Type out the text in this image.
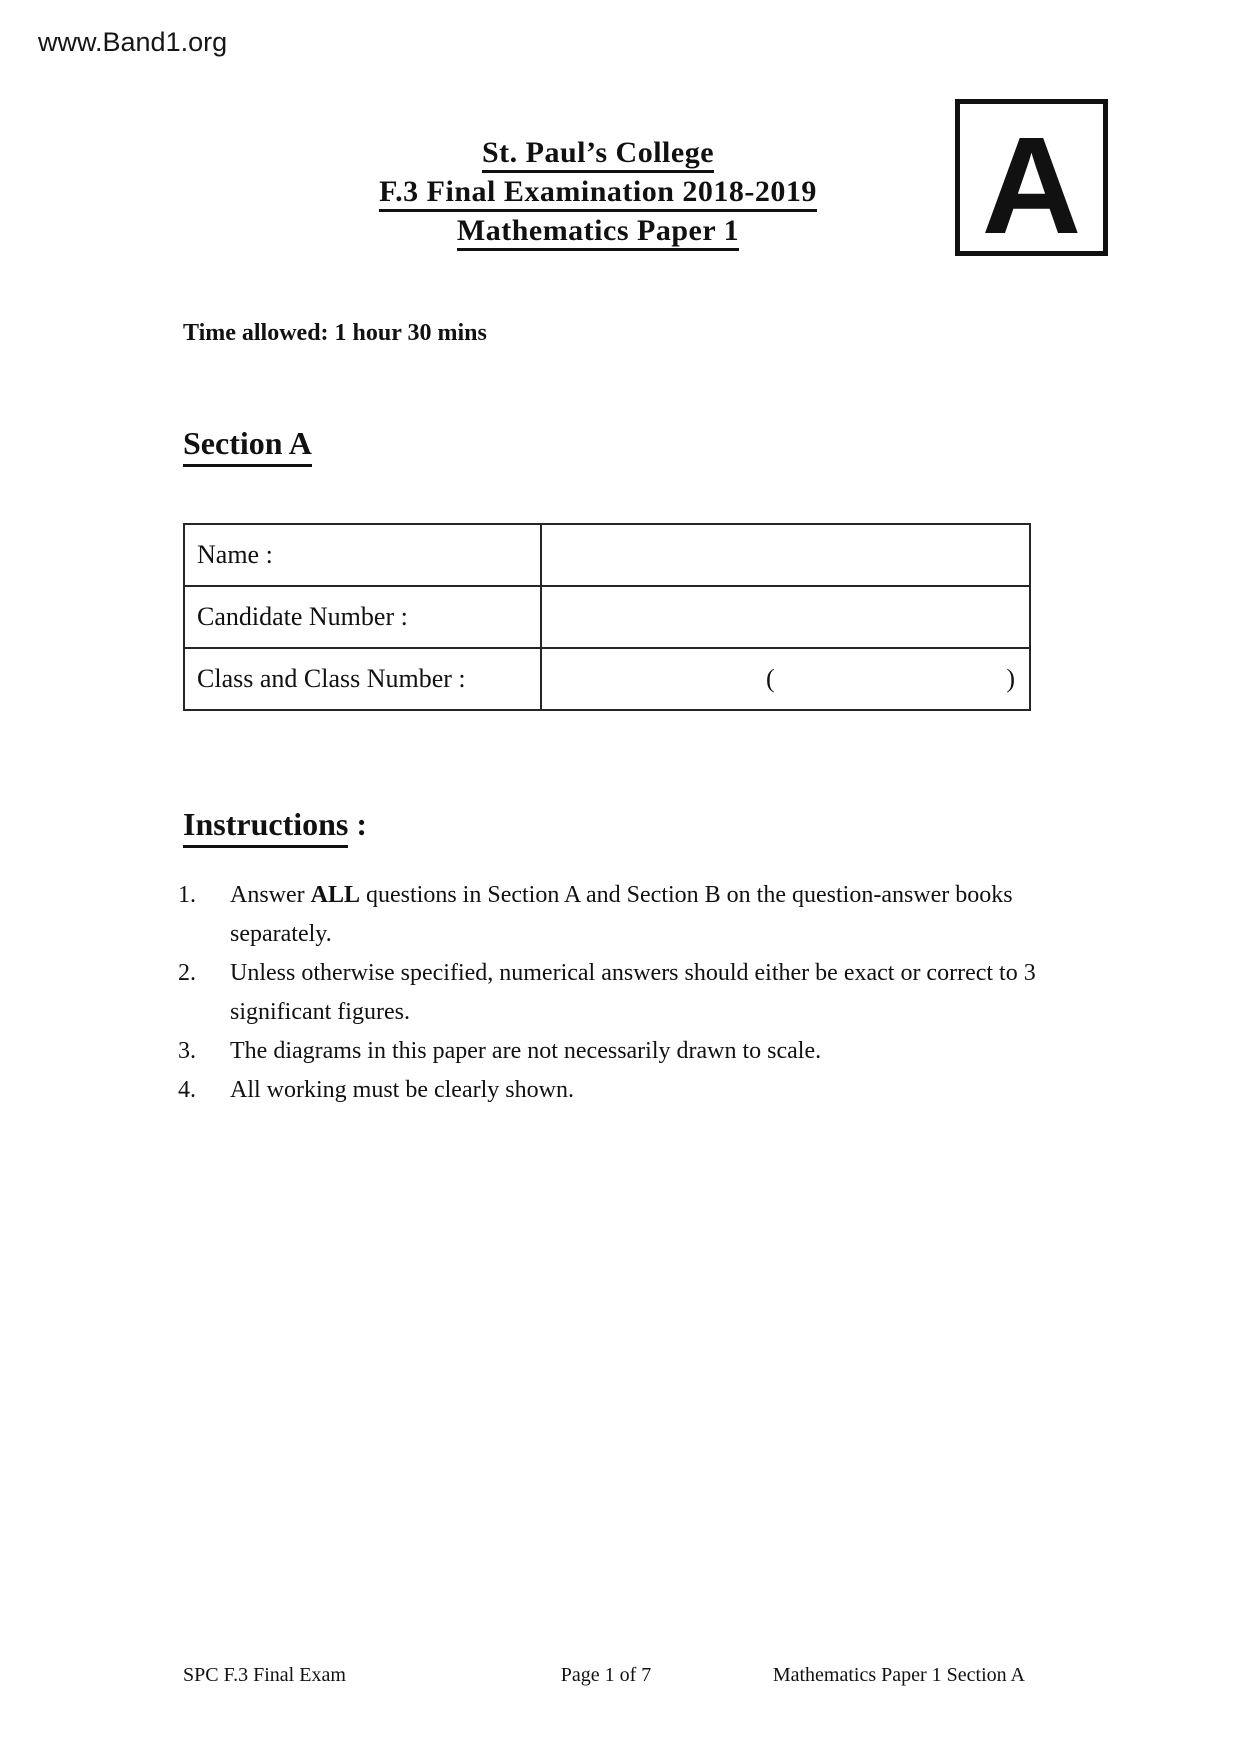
www.Band1.org
St. Paul’s College
F.3 Final Examination 2018-2019
Mathematics Paper 1	A
Time allowed: 1 hour 30 mins
Section A
Name :	
Candidate Number :	
Class and Class Number :	( )
Instructions :
1.	Answer ALL questions in Section A and Section B on the question-answer books
separately.
2.	Unless otherwise specified, numerical answers should either be exact or correct to 3
significant figures.
3.	The diagrams in this paper are not necessarily drawn to scale.
4.	All working must be clearly shown.
SPC F.3 Final Exam	Page 1 of 7	Mathematics Paper 1 Section A
